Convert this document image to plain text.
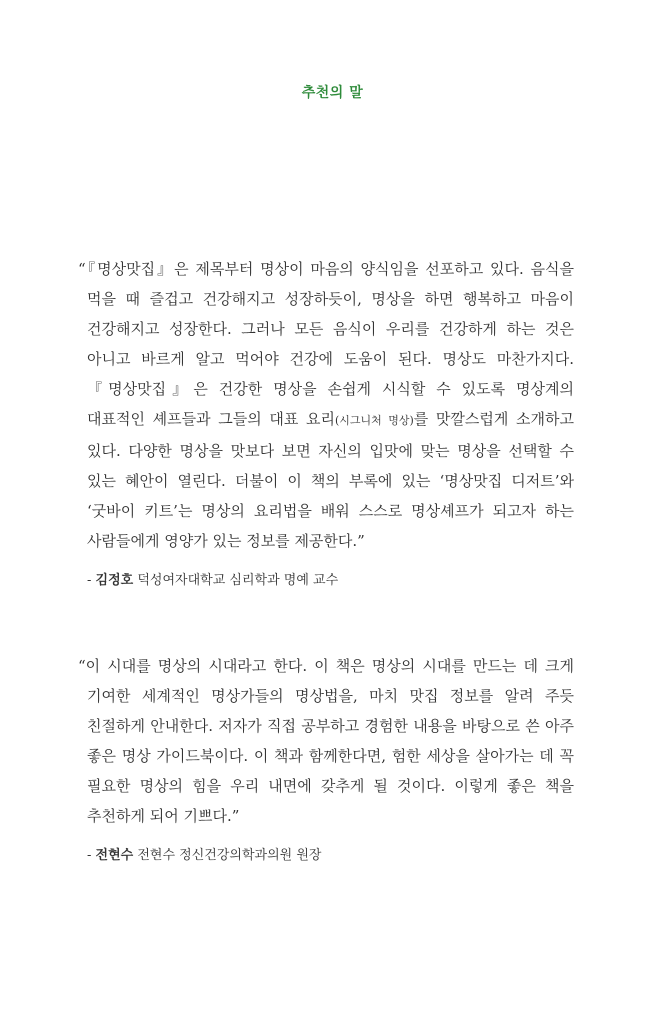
추천의 말

“『명상맛집』은 제목부터 명상이 마음의 양식임을 선포하고 있다. 음식을 먹을 때 즐겁고 건강해지고 성장하듯이, 명상을 하면 행복하고 마음이 건강해지고 성장한다. 그러나 모든 음식이 우리를 건강하게 하는 것은 아니고 바르게 알고 먹어야 건강에 도움이 된다. 명상도 마찬가지다. 『명상맛집』은 건강한 명상을 손쉽게 시식할 수 있도록 명상계의 대표적인 셰프들과 그들의 대표 요리(시그니처 명상)를 맛깔스럽게 소개하고 있다. 다양한 명상을 맛보다 보면 자신의 입맛에 맞는 명상을 선택할 수 있는 혜안이 열린다. 더불이 이 책의 부록에 있는 ‘명상맛집 디저트’와 ‘굿바이 키트’는 명상의 요리법을 배워 스스로 명상셰프가 되고자 하는 사람들에게 영양가 있는 정보를 제공한다.”

- 김정호 덕성여자대학교 심리학과 명예 교수

“이 시대를 명상의 시대라고 한다. 이 책은 명상의 시대를 만드는 데 크게 기여한 세계적인 명상가들의 명상법을, 마치 맛집 정보를 알려 주듯 친절하게 안내한다. 저자가 직접 공부하고 경험한 내용을 바탕으로 쓴 아주 좋은 명상 가이드북이다. 이 책과 함께한다면, 험한 세상을 살아가는 데 꼭 필요한 명상의 힘을 우리 내면에 갖추게 될 것이다. 이렇게 좋은 책을 추천하게 되어 기쁘다.”

- 전현수 전현수 정신건강의학과의원 원장
